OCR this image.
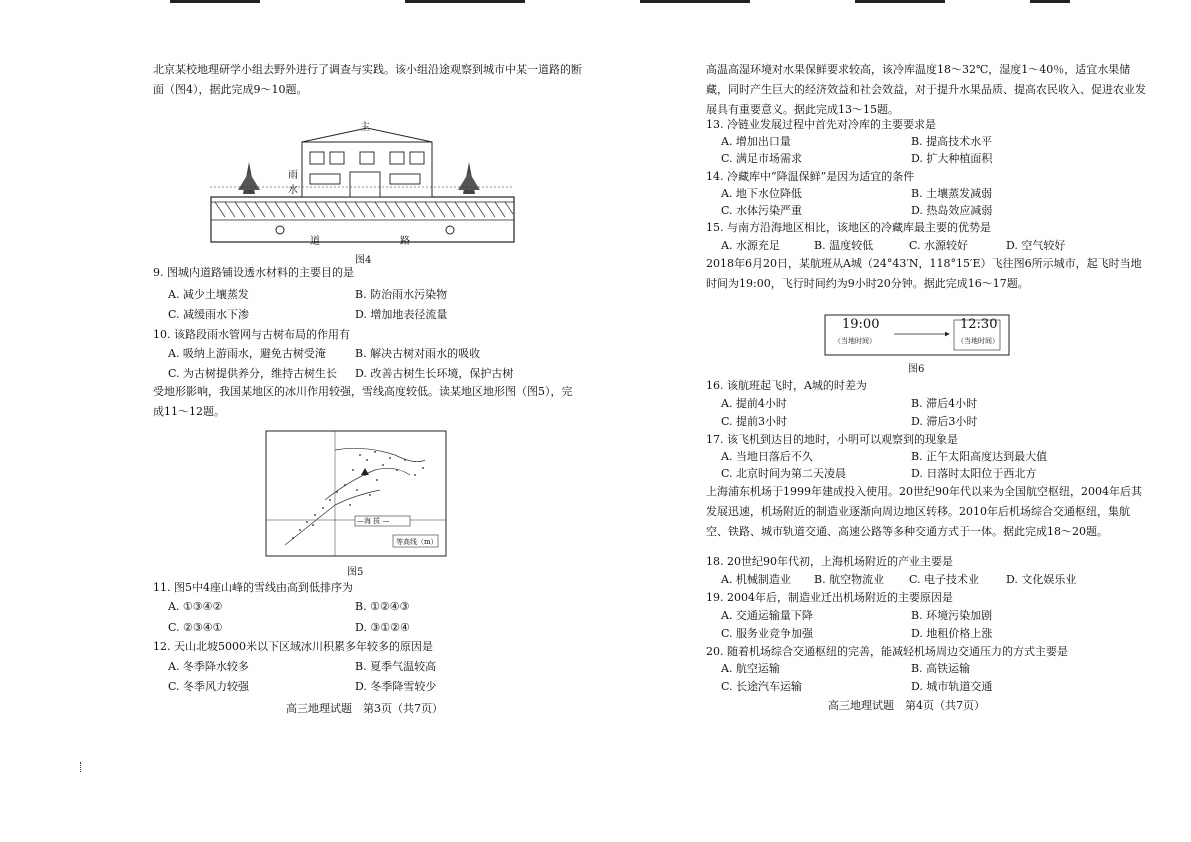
北京某校地理研学小组去野外进行了调查与实践。该小组沿途观察到城市中某一道路的断面（图4），据此完成9～10题。
主
雨水
道	路
图4
9. 图城内道路铺设透水材料的主要目的是
A. 减少土壤蒸发	B. 防治雨水污染物
C. 减缓雨水下渗	D. 增加地表径流量
10. 该路段雨水管网与古树布局的作用有
A. 吸纳上游雨水，避免古树受淹	B. 解决古树对雨水的吸收
C. 为古树提供养分，维持古树生长 D. 改善古树生长环境，保护古树
受地形影响，我国某地区的冰川作用较强，雪线高度较低。读某地区地形图（图5），完成11～12题。
—海 拔 —
等高线（m）
图5
11. 图5中4座山峰的雪线由高到低排序为
A. ①③④②	B. ①②④③
C. ②③④①	D. ③①②④
12. 天山北坡5000米以下区域冰川积累多年较多的原因是
A. 冬季降水较多	B. 夏季气温较高
C. 冬季风力较强	D. 冬季降雪较少
高三地理试题　第3页（共7页）
高温高湿环境对水果保鲜要求较高，该冷库温度18～32℃，湿度1～40％，适宜水果储藏，同时产生巨大的经济效益和社会效益，对于提升水果品质、提高农民收入、促进农业发展具有重要意义。据此完成13～15题。
13. 冷链业发展过程中首先对冷库的主要要求是
A. 增加出口量	B. 提高技术水平
C. 满足市场需求	D. 扩大种植面积
14. 冷藏库中“降温保鲜”是因为适宜的条件
A. 地下水位降低	B. 土壤蒸发减弱
C. 水体污染严重	D. 热岛效应减弱
15. 与南方沿海地区相比，该地区的冷藏库最主要的优势是
A. 水源充足	B. 温度较低	C. 水源较好	D. 空气较好
2018年6月20日，某航班从A城（24°43′N，118°15′E）飞往图6所示城市，起飞时当地时间为19:00，飞行时间约为9小时20分钟。据此完成16～17题。
19:00
（当地时间）
12:30
（当地时间）
图6
16. 该航班起飞时，A城的时差为
A. 提前4小时	B. 滞后4小时
C. 提前3小时	D. 滞后3小时
17. 该飞机到达目的地时，小明可以观察到的现象是
A. 当地日落后不久	B. 正午太阳高度达到最大值
C. 北京时间为第二天凌晨	D. 日落时太阳位于西北方
上海浦东机场于1999年建成投入使用。20世纪90年代以来为全国航空枢纽，2004年后其发展迅速，机场附近的制造业逐渐向周边地区转移。2010年后机场综合交通枢纽，集航空、铁路、城市轨道交通、高速公路等多种交通方式于一体。据此完成18～20题。
18. 20世纪90年代初，上海机场附近的产业主要是
A. 机械制造业 B. 航空物流业 C. 电子技术业 D. 文化娱乐业
19. 2004年后，制造业迁出机场附近的主要原因是
A. 交通运输量下降	B. 环境污染加剧
C. 服务业竞争加强	D. 地租价格上涨
20. 随着机场综合交通枢纽的完善，能减轻机场周边交通压力的方式主要是
A. 航空运输	B. 高铁运输
C. 长途汽车运输	D. 城市轨道交通
高三地理试题　第4页（共7页）
